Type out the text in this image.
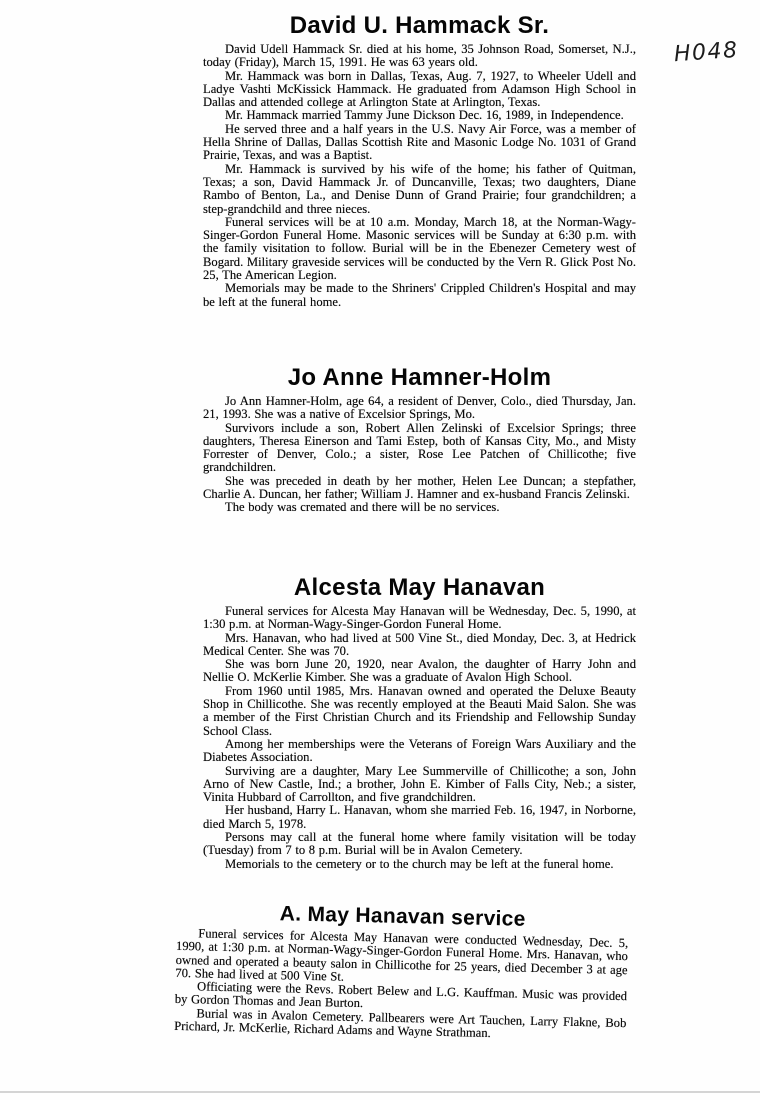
H048
David U. Hammack Sr.

David Udell Hammack Sr. died at his home, 35 Johnson Road, Somerset, N.J., today (Friday), March 15, 1991. He was 63 years old.

Mr. Hammack was born in Dallas, Texas, Aug. 7, 1927, to Wheeler Udell and Ladye Vashti McKissick Hammack. He graduated from Adamson High School in Dallas and attended college at Arlington State at Arlington, Texas.

Mr. Hammack married Tammy June Dickson Dec. 16, 1989, in Independence.

He served three and a half years in the U.S. Navy Air Force, was a member of Hella Shrine of Dallas, Dallas Scottish Rite and Masonic Lodge No. 1031 of Grand Prairie, Texas, and was a Baptist.

Mr. Hammack is survived by his wife of the home; his father of Quitman, Texas; a son, David Hammack Jr. of Duncanville, Texas; two daughters, Diane Rambo of Benton, La., and Denise Dunn of Grand Prairie; four grandchildren; a step-grandchild and three nieces.

Funeral services will be at 10 a.m. Monday, March 18, at the Norman-Wagy-Singer-Gordon Funeral Home. Masonic services will be Sunday at 6:30 p.m. with the family visitation to follow. Burial will be in the Ebenezer Cemetery west of Bogard. Military graveside services will be conducted by the Vern R. Glick Post No. 25, The American Legion.

Memorials may be made to the Shriners' Crippled Children's Hospital and may be left at the funeral home.

Jo Anne Hamner-Holm

Jo Ann Hamner-Holm, age 64, a resident of Denver, Colo., died Thursday, Jan. 21, 1993. She was a native of Excelsior Springs, Mo.

Survivors include a son, Robert Allen Zelinski of Excelsior Springs; three daughters, Theresa Einerson and Tami Estep, both of Kansas City, Mo., and Misty Forrester of Denver, Colo.; a sister, Rose Lee Patchen of Chillicothe; five grandchildren.

She was preceded in death by her mother, Helen Lee Duncan; a stepfather, Charlie A. Duncan, her father; William J. Hamner and ex-husband Francis Zelinski.

The body was cremated and there will be no services.

Alcesta May Hanavan

Funeral services for Alcesta May Hanavan will be Wednesday, Dec. 5, 1990, at 1:30 p.m. at Norman-Wagy-Singer-Gordon Funeral Home.

Mrs. Hanavan, who had lived at 500 Vine St., died Monday, Dec. 3, at Hedrick Medical Center. She was 70.

She was born June 20, 1920, near Avalon, the daughter of Harry John and Nellie O. McKerlie Kimber. She was a graduate of Avalon High School.

From 1960 until 1985, Mrs. Hanavan owned and operated the Deluxe Beauty Shop in Chillicothe. She was recently employed at the Beauti Maid Salon. She was a member of the First Christian Church and its Friendship and Fellowship Sunday School Class.

Among her memberships were the Veterans of Foreign Wars Auxiliary and the Diabetes Association.

Surviving are a daughter, Mary Lee Summerville of Chillicothe; a son, John Arno of New Castle, Ind.; a brother, John E. Kimber of Falls City, Neb.; a sister, Vinita Hubbard of Carrollton, and five grandchildren.

Her husband, Harry L. Hanavan, whom she married Feb. 16, 1947, in Norborne, died March 5, 1978.

Persons may call at the funeral home where family visitation will be today (Tuesday) from 7 to 8 p.m. Burial will be in Avalon Cemetery.

Memorials to the cemetery or to the church may be left at the funeral home.

A. May Hanavan service

Funeral services for Alcesta May Hanavan were conducted Wednesday, Dec. 5, 1990, at 1:30 p.m. at Norman-Wagy-Singer-Gordon Funeral Home. Mrs. Hanavan, who owned and operated a beauty salon in Chillicothe for 25 years, died December 3 at age 70. She had lived at 500 Vine St.

Officiating were the Revs. Robert Belew and L.G. Kauffman. Music was provided by Gordon Thomas and Jean Burton.

Burial was in Avalon Cemetery. Pallbearers were Art Tauchen, Larry Flakne, Bob Prichard, Jr. McKerlie, Richard Adams and Wayne Strathman.
